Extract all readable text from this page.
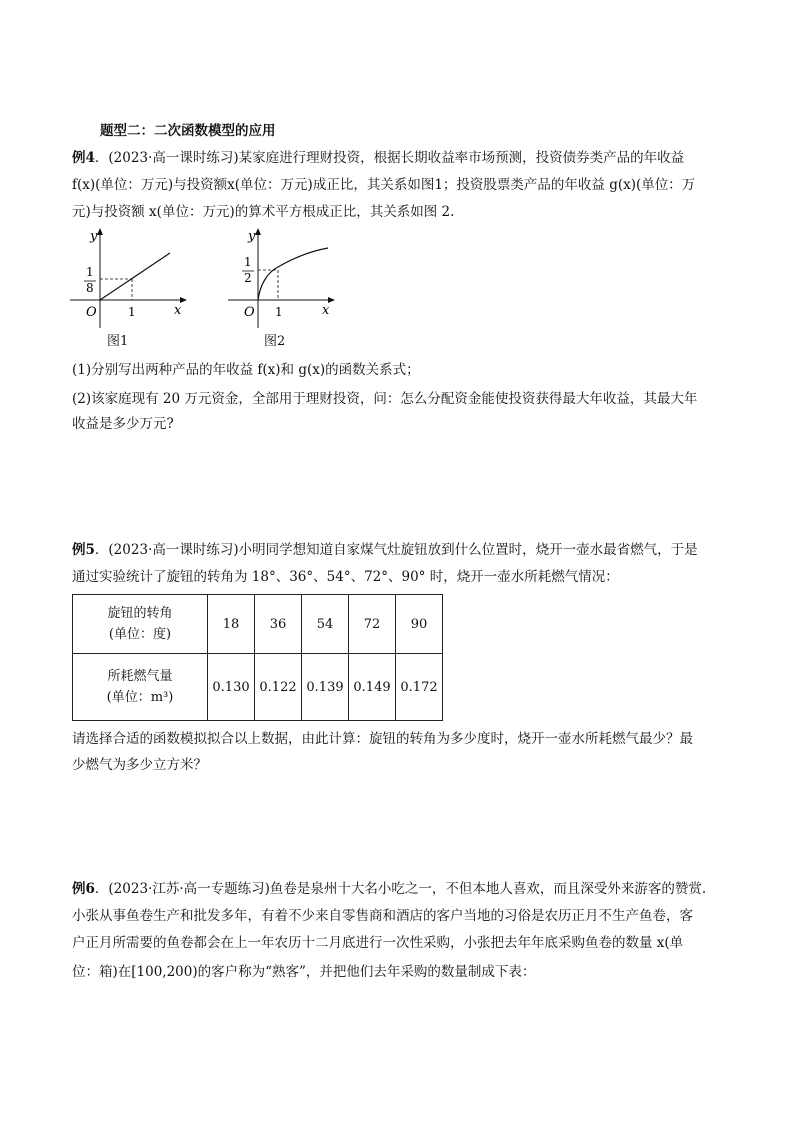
题型二：二次函数模型的应用
例4．(2023·高一课时练习)某家庭进行理财投资，根据长期收益率市场预测，投资债券类产品的年收益
f(x)(单位：万元)与投资额x(单位：万元)成正比，其关系如图1；投资股票类产品的年收益 g(x)(单位：万
元)与投资额 x(单位：万元)的算术平方根成正比，其关系如图 2.
y
x
O	1
1
8
图1
y
x
O 1
1
2
图2
(1)分别写出两种产品的年收益 f(x)和 g(x)的函数关系式；
(2)该家庭现有 20 万元资金，全部用于理财投资，问：怎么分配资金能使投资获得最大年收益，其最大年
收益是多少万元?
例5．(2023·高一课时练习)小明同学想知道自家煤气灶旋钮放到什么位置时，烧开一壶水最省燃气，于是
通过实验统计了旋钮的转角为 18°、36°、54°、72°、90° 时，烧开一壶水所耗燃气情况：
旋钮的转角
(单位：度)	18	36	54	72	90

所耗燃气量
(单位：m³)	0.130	0.122	0.139	0.149	0.172
请选择合适的函数模拟拟合以上数据，由此计算：旋钮的转角为多少度时，烧开一壶水所耗燃气最少？最
少燃气为多少立方米？
例6．(2023·江苏·高一专题练习)鱼卷是泉州十大名小吃之一，不但本地人喜欢，而且深受外来游客的赞赏.
小张从事鱼卷生产和批发多年，有着不少来自零售商和酒店的客户当地的习俗是农历正月不生产鱼卷，客
户正月所需要的鱼卷都会在上一年农历十二月底进行一次性采购，小张把去年年底采购鱼卷的数量 x(单
位：箱)在[100,200)的客户称为“熟客”，并把他们去年采购的数量制成下表：
